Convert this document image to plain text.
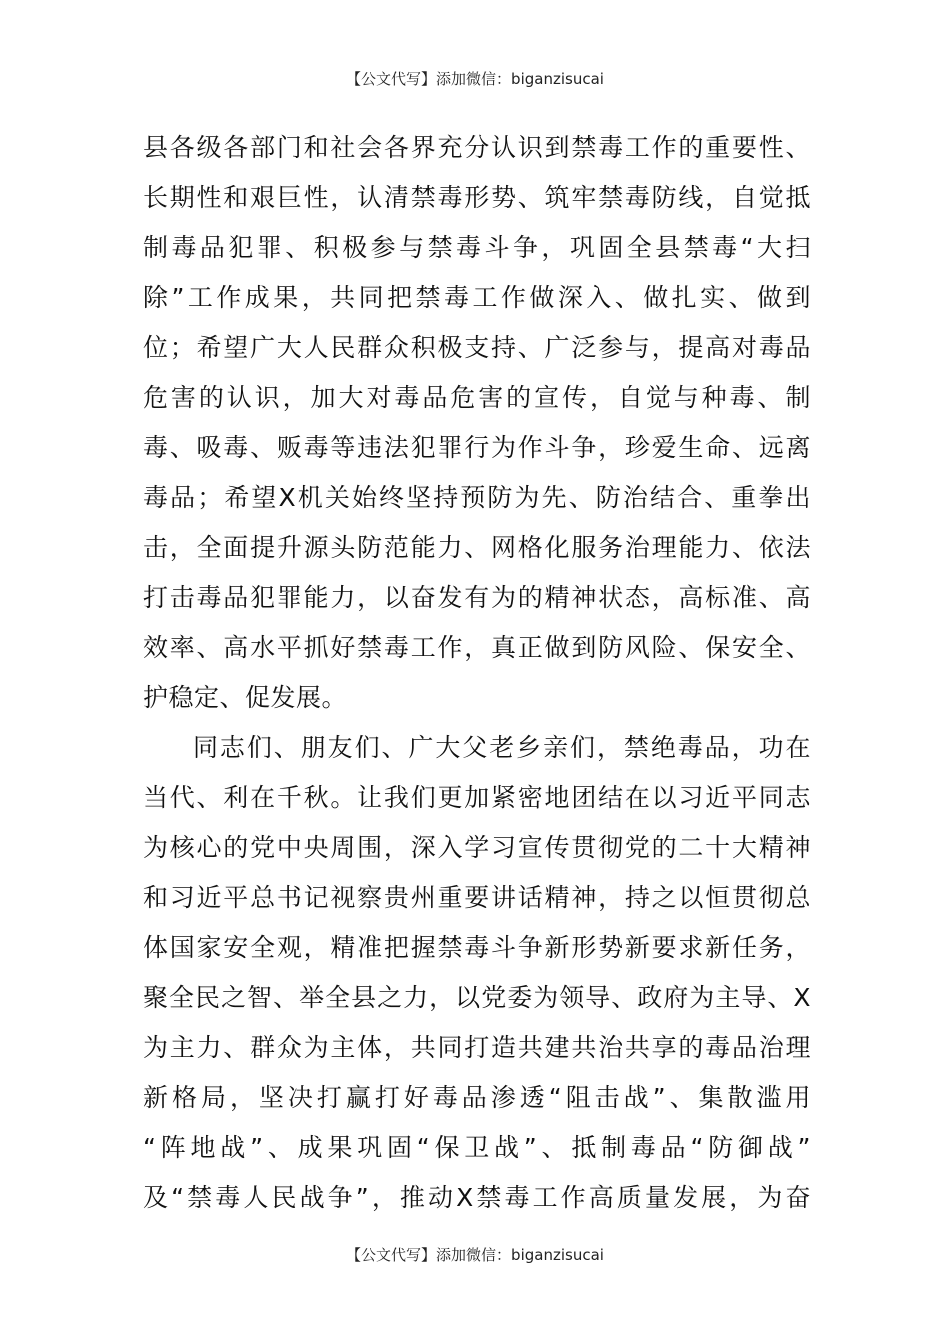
【公文代写】添加微信：biganzisucai
县各级各部门和社会各界充分认识到禁毒工作的重要性、
长期性和艰巨性，认清禁毒形势、筑牢禁毒防线，自觉抵
制毒品犯罪、积极参与禁毒斗争，巩固全县禁毒“大扫
除”工作成果，共同把禁毒工作做深入、做扎实、做到
位；希望广大人民群众积极支持、广泛参与，提高对毒品
危害的认识，加大对毒品危害的宣传，自觉与种毒、制
毒、吸毒、贩毒等违法犯罪行为作斗争，珍爱生命、远离
毒品；希望X机关始终坚持预防为先、防治结合、重拳出
击，全面提升源头防范能力、网格化服务治理能力、依法
打击毒品犯罪能力，以奋发有为的精神状态，高标准、高
效率、高水平抓好禁毒工作，真正做到防风险、保安全、
护稳定、促发展。
同志们、朋友们、广大父老乡亲们，禁绝毒品，功在
当代、利在千秋。让我们更加紧密地团结在以习近平同志
为核心的党中央周围，深入学习宣传贯彻党的二十大精神
和习近平总书记视察贵州重要讲话精神，持之以恒贯彻总
体国家安全观，精准把握禁毒斗争新形势新要求新任务，
聚全民之智、举全县之力，以党委为领导、政府为主导、X
为主力、群众为主体，共同打造共建共治共享的毒品治理
新格局，坚决打赢打好毒品渗透“阻击战”、集散滥用
“阵地战”、成果巩固“保卫战”、抵制毒品“防御战”
及“禁毒人民战争”，推动X禁毒工作高质量发展，为奋
【公文代写】添加微信：biganzisucai
